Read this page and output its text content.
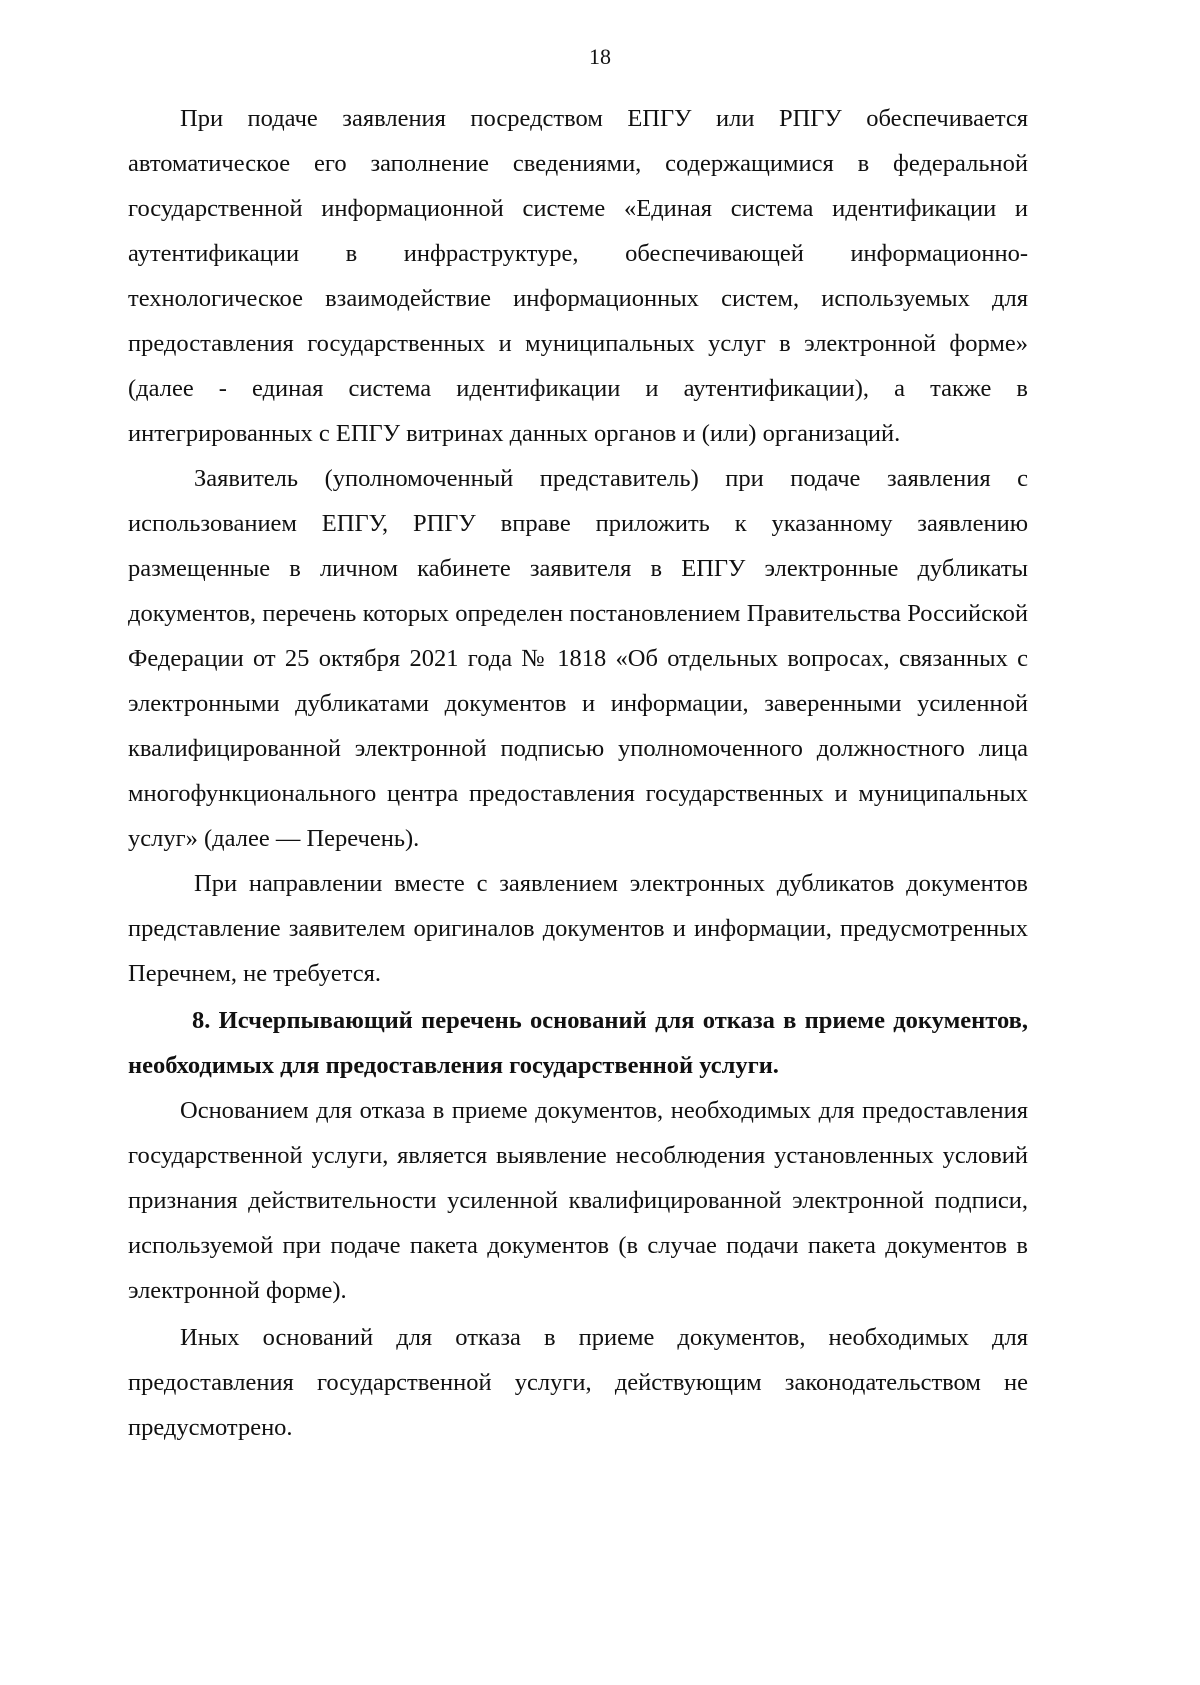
18

При подаче заявления посредством ЕПГУ или РПГУ обеспечивается автоматическое его заполнение сведениями, содержащимися в федеральной государственной информационной системе «Единая система идентификации и аутентификации в инфраструктуре, обеспечивающей информационно-технологическое взаимодействие информационных систем, используемых для предоставления государственных и муниципальных услуг в электронной форме» (далее - единая система идентификации и аутентификации), а также в интегрированных с ЕПГУ витринах данных органов и (или) организаций.

Заявитель (уполномоченный представитель) при подаче заявления с использованием ЕПГУ, РПГУ вправе приложить к указанному заявлению размещенные в личном кабинете заявителя в ЕПГУ электронные дубликаты документов, перечень которых определен постановлением Правительства Российской Федерации от 25 октября 2021 года № 1818 «Об отдельных вопросах, связанных с электронными дубликатами документов и информации, заверенными усиленной квалифицированной электронной подписью уполномоченного должностного лица многофункционального центра предоставления государственных и муниципальных услуг» (далее — Перечень).

При направлении вместе с заявлением электронных дубликатов документов представление заявителем оригиналов документов и информации, предусмотренных Перечнем, не требуется.

8. Исчерпывающий перечень оснований для отказа в приеме документов, необходимых для предоставления государственной услуги.

Основанием для отказа в приеме документов, необходимых для предоставления государственной услуги, является выявление несоблюдения установленных условий признания действительности усиленной квалифицированной электронной подписи, используемой при подаче пакета документов (в случае подачи пакета документов в электронной форме).

Иных оснований для отказа в приеме документов, необходимых для предоставления государственной услуги, действующим законодательством не предусмотрено.
